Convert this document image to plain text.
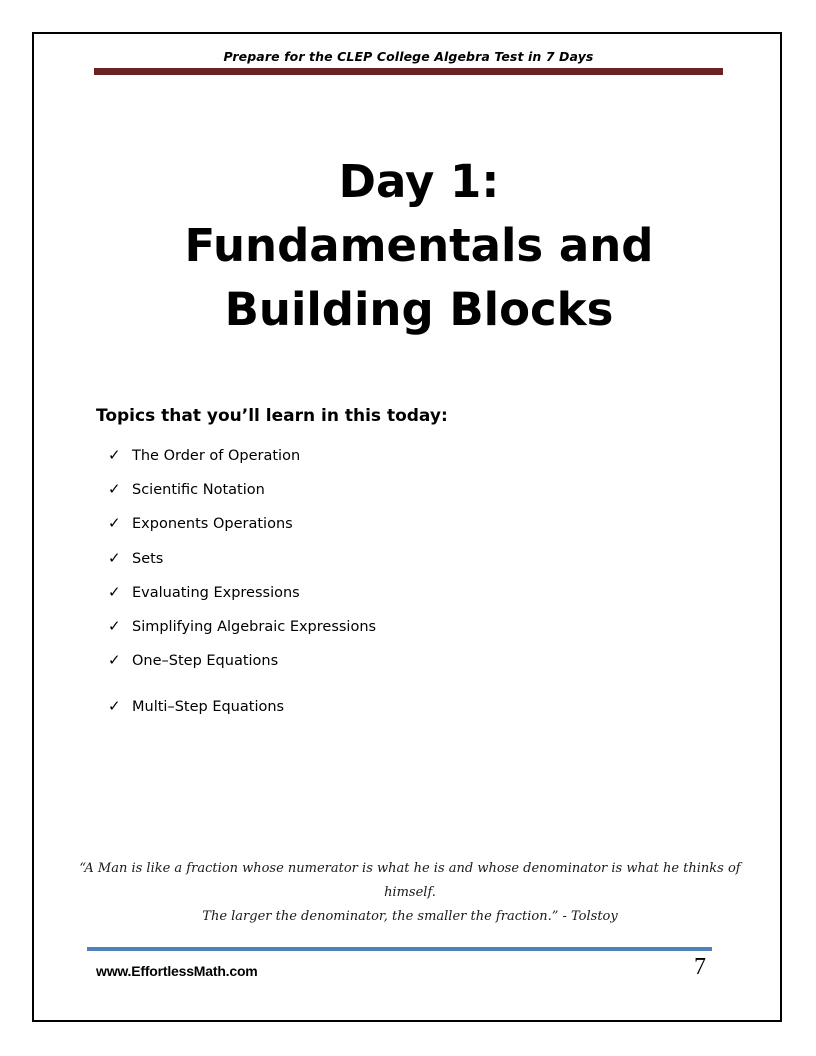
Prepare for the CLEP College Algebra Test in 7 Days
Day 1:
Fundamentals and
Building Blocks
Topics that you’ll learn in this today:
✓ The Order of Operation
✓ Scientific Notation
✓ Exponents Operations
✓ Sets
✓ Evaluating Expressions
✓ Simplifying Algebraic Expressions
✓ One–Step Equations
✓ Multi–Step Equations
“A Man is like a fraction whose numerator is what he is and whose denominator is what he thinks of himself.
The larger the denominator, the smaller the fraction.” - Tolstoy
www.EffortlessMath.com	7
